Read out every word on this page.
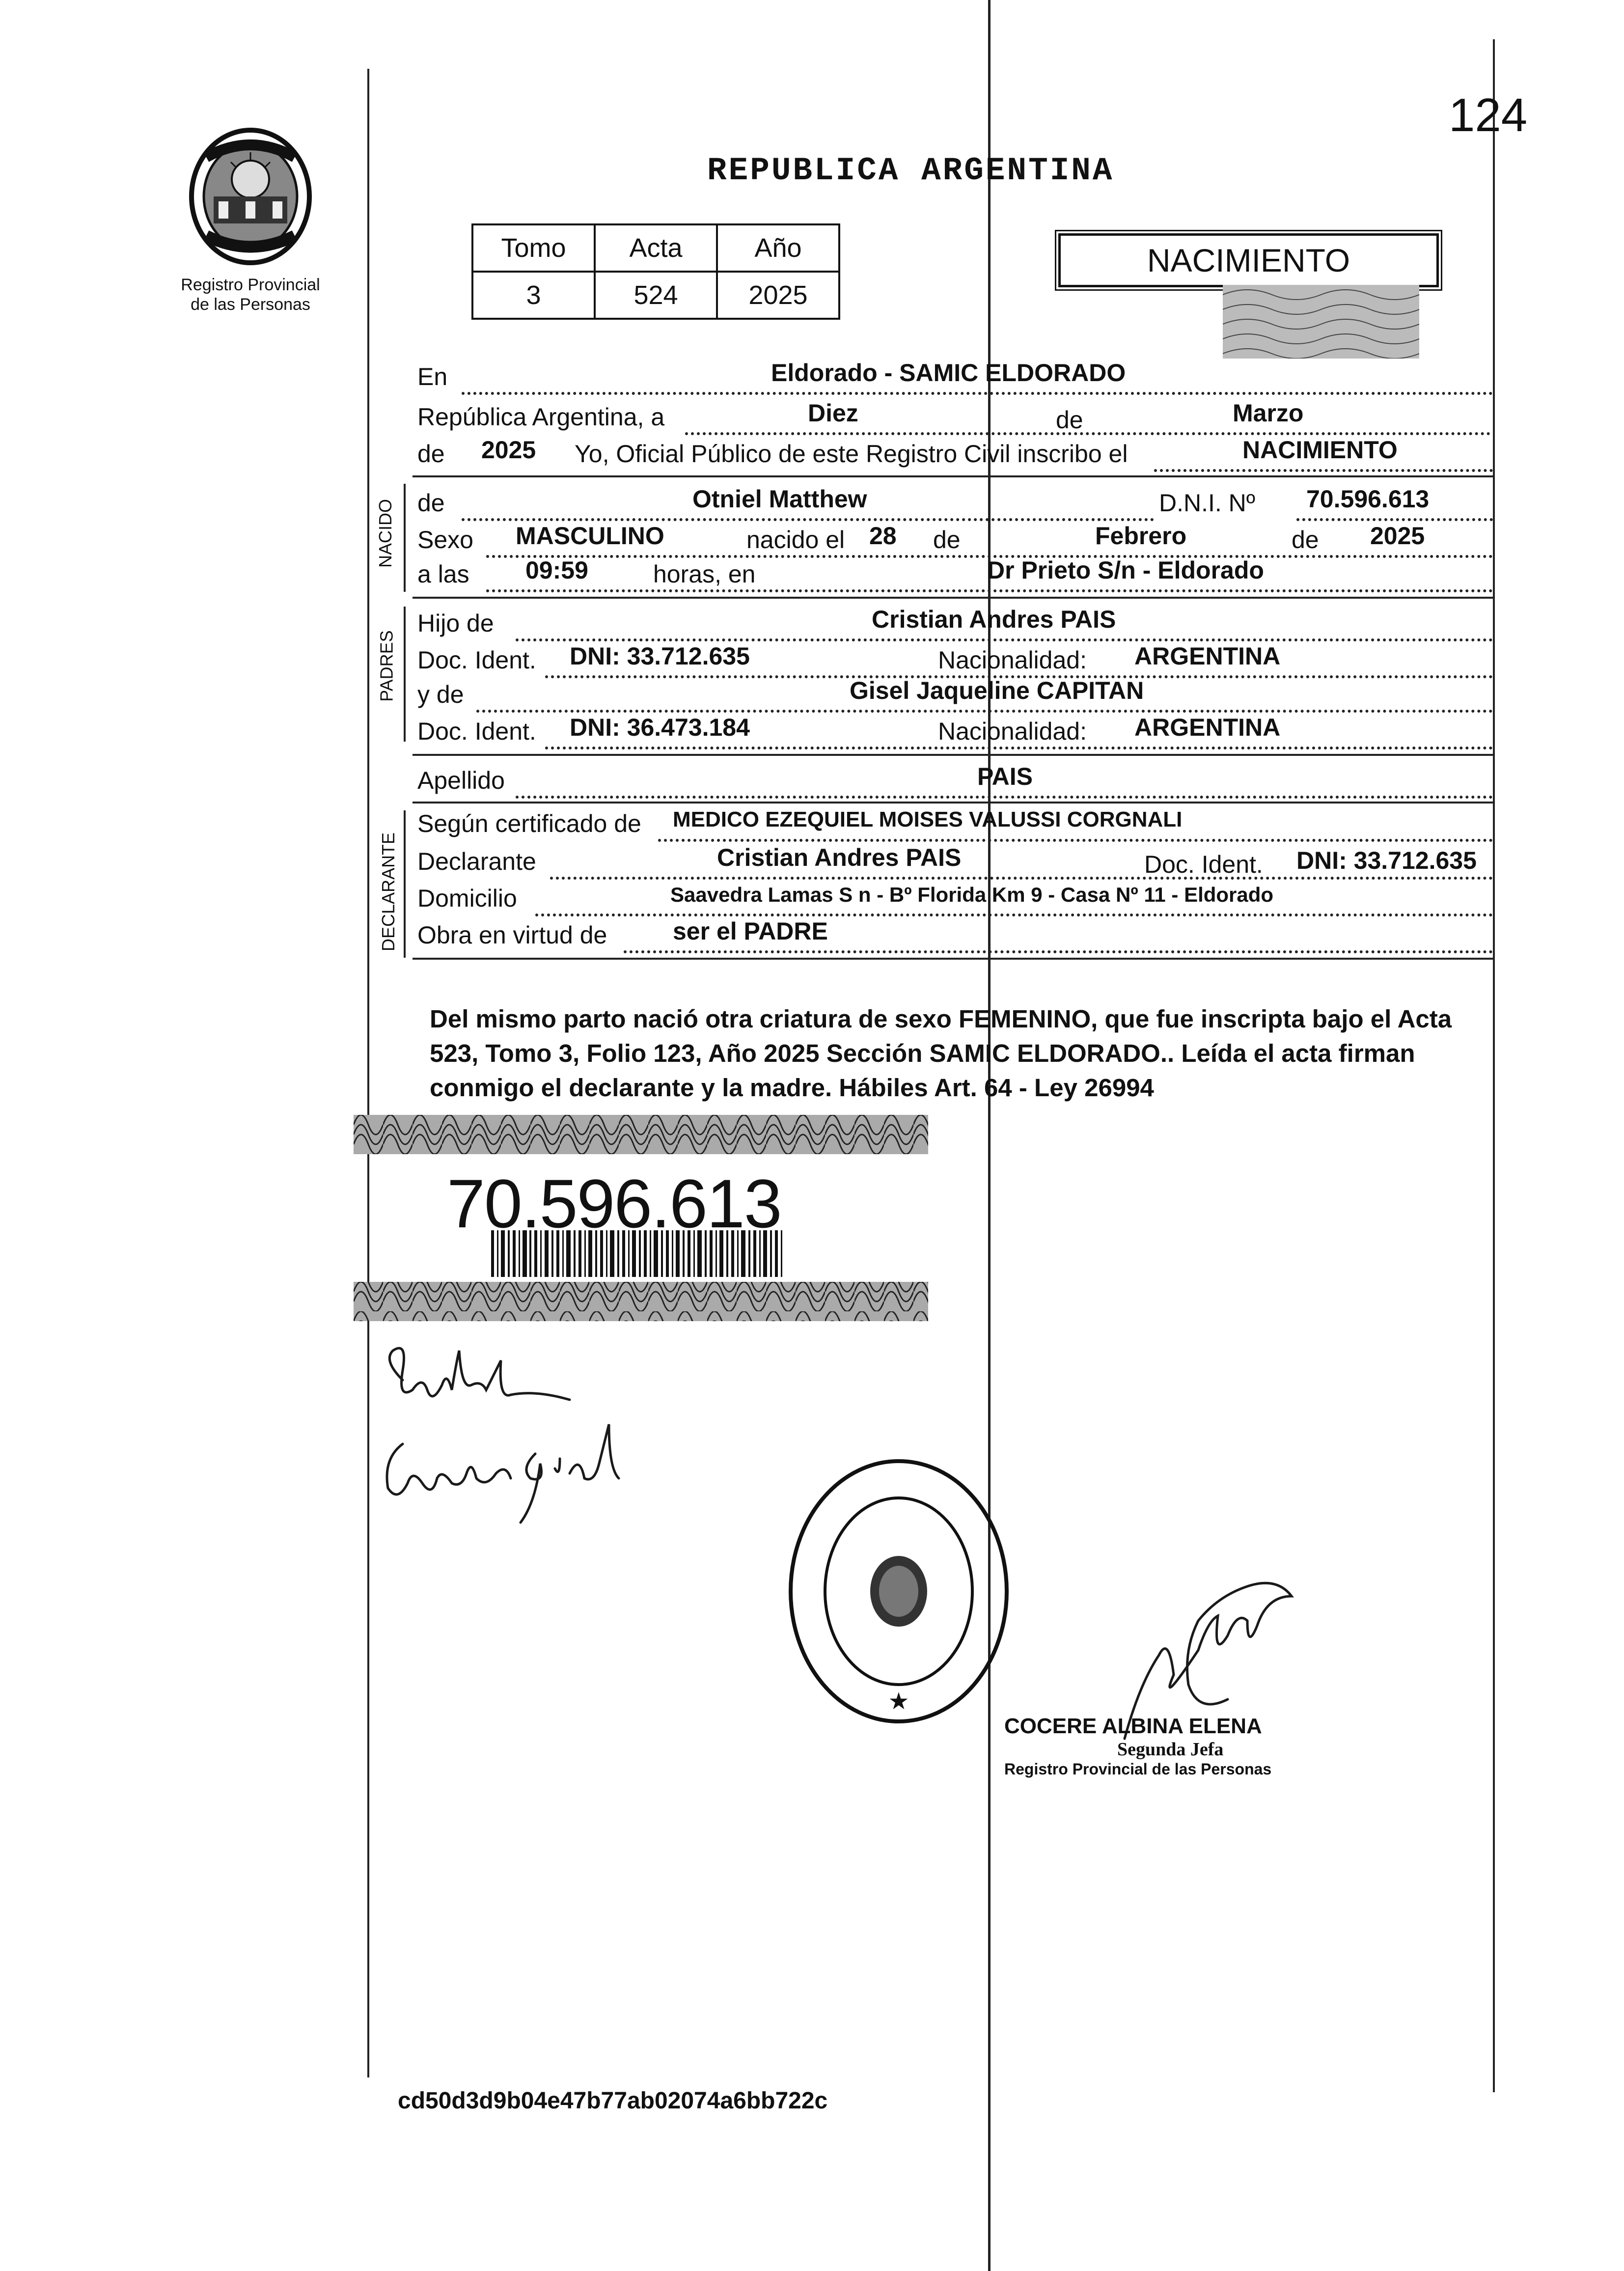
Registro Provincial
de las Personas
124
REPUBLICA ARGENTINA
Tomo	Acta	Año
3	524	2025
NACIMIENTO
En	Eldorado - SAMIC ELDORADO
República Argentina, a	Diez	de	Marzo
de 2025 Yo, Oficial Público de este Registro Civil inscribo el	NACIMIENTO
NACIDO de	Otniel Matthew	D.N.I. Nº 70.596.613
Sexo MASCULINO	nacido el 28 de	Febrero	de 2025
a las 09:59	horas, en	Dr Prieto S/n - Eldorado
PADRES
Hijo de	Cristian Andres PAIS
Doc. Ident. DNI: 33.712.635	Nacionalidad: ARGENTINA
y de	Gisel Jaqueline CAPITAN
Doc. Ident. DNI: 36.473.184	Nacionalidad: ARGENTINA
Apellido	PAIS
DECLARANTE
Según certificado de MEDICO EZEQUIEL MOISES VALUSSI CORGNALI
Declarante	Cristian Andres PAIS	Doc. Ident. DNI: 33.712.635
Domicilio	Saavedra Lamas S n - Bº Florida Km 9 - Casa Nº 11 - Eldorado
Obra en virtud de	ser el PADRE
Del mismo parto nació otra criatura de sexo FEMENINO, que fue inscripta bajo el Acta 523, Tomo 3, Folio 123, Año 2025 Sección SAMIC ELDORADO.. Leída el acta firman conmigo el declarante y la madre. Hábiles Art. 64 - Ley 26994
70.596.613
★
COCERE ALBINA ELENA
Segunda Jefa
Registro Provincial de las Personas
cd50d3d9b04e47b77ab02074a6bb722c
